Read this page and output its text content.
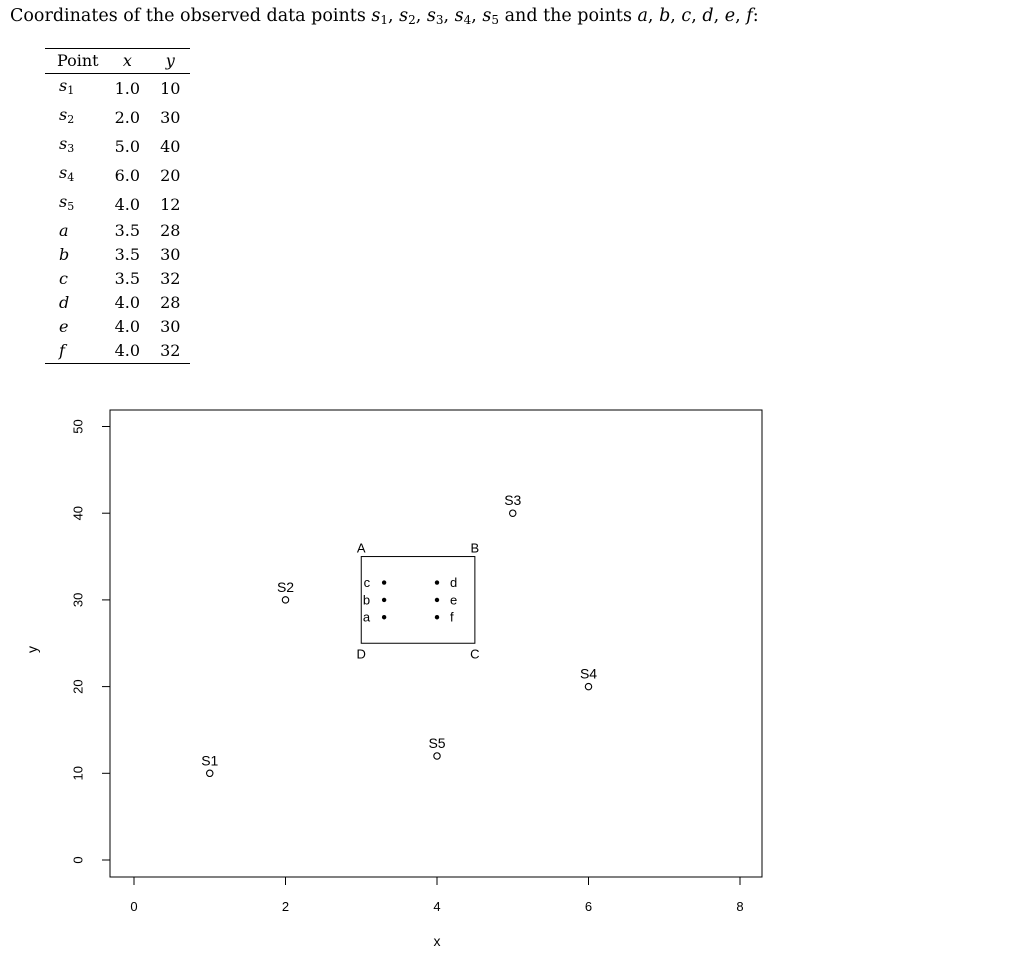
Coordinates of the observed data points $s_1$, $s_2$, $s_3$, $s_4$, $s_5$ and the points a, b, c, d, e, f:
Point	x	y
$s_1$	1.0	10
$s_2$	2.0	30
$s_3$	5.0	40
$s_4$	6.0	20
$s_5$	4.0	12
a	3.5	28
b	3.5	30
c	3.5	32
d	4.0	28
e	4.0	30
f	4.0	32
0	2	4	6	8
0
10
20
30
40
50
x
y
S1
S2
S3
S4
S5
A	B
C
D
a
b
c	d
e
f
